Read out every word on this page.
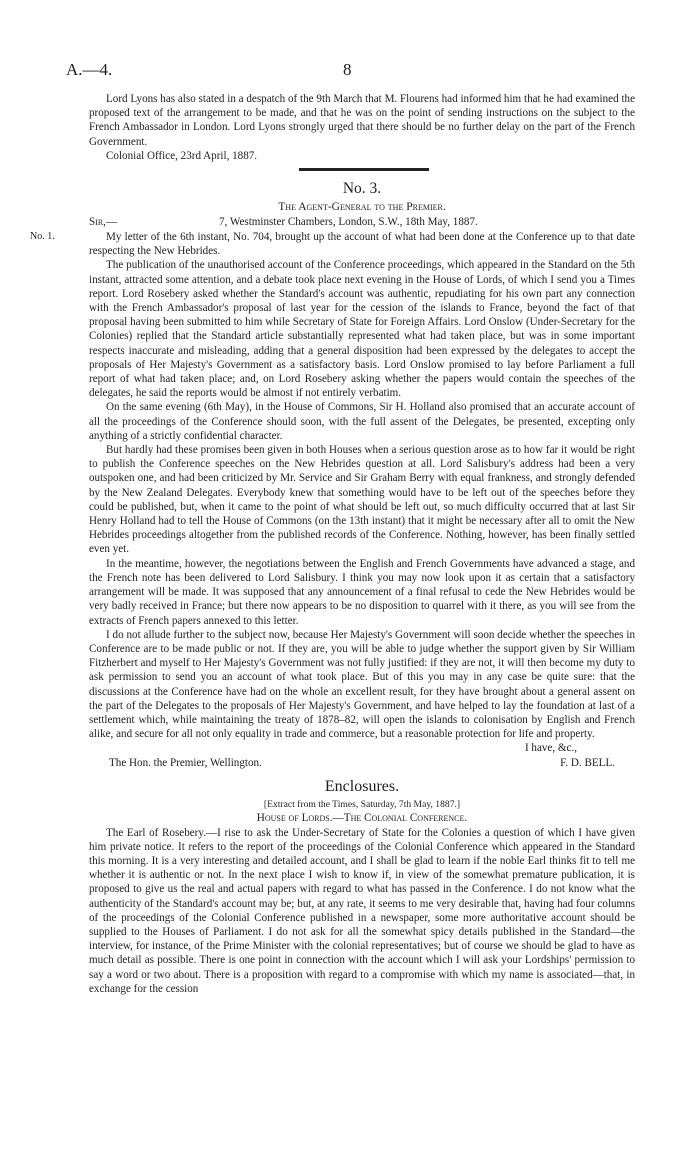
A.—4.	8

Lord Lyons has also stated in a despatch of the 9th March that M. Flourens had informed him that he had examined the proposed text of the arrangement to be made, and that he was on the point of sending instructions on the subject to the French Ambassador in London. Lord Lyons strongly urged that there should be no further delay on the part of the French Government.

Colonial Office, 23rd April, 1887.

No. 3.
The Agent-General to the Premier.
Sir,—	7, Westminster Chambers, London, S.W., 18th May, 1887.
No. 1.	My letter of the 6th instant, No. 704, brought up the account of what had been done at the Conference up to that date respecting the New Hebrides.

The publication of the unauthorised account of the Conference proceedings, which appeared in the Standard on the 5th instant, attracted some attention, and a debate took place next evening in the House of Lords, of which I send you a Times report. Lord Rosebery asked whether the Standard's account was authentic, repudiating for his own part any connection with the French Ambassador's proposal of last year for the cession of the islands to France, beyond the fact of that proposal having been submitted to him while Secretary of State for Foreign Affairs. Lord Onslow (Under-Secretary for the Colonies) replied that the Standard article substantially represented what had taken place, but was in some important respects inaccurate and misleading, adding that a general disposition had been expressed by the delegates to accept the proposals of Her Majesty's Government as a satisfactory basis. Lord Onslow promised to lay before Parliament a full report of what had taken place; and, on Lord Rosebery asking whether the papers would contain the speeches of the delegates, he said the reports would be almost if not entirely verbatim.

On the same evening (6th May), in the House of Commons, Sir H. Holland also promised that an accurate account of all the proceedings of the Conference should soon, with the full assent of the Delegates, be presented, excepting only anything of a strictly confidential character.

But hardly had these promises been given in both Houses when a serious question arose as to how far it would be right to publish the Conference speeches on the New Hebrides question at all. Lord Salisbury's address had been a very outspoken one, and had been criticized by Mr. Service and Sir Graham Berry with equal frankness, and strongly defended by the New Zealand Delegates. Everybody knew that something would have to be left out of the speeches before they could be published, but, when it came to the point of what should be left out, so much difficulty occurred that at last Sir Henry Holland had to tell the House of Commons (on the 13th instant) that it might be necessary after all to omit the New Hebrides proceedings altogether from the published records of the Conference. Nothing, however, has been finally settled even yet.

In the meantime, however, the negotiations between the English and French Governments have advanced a stage, and the French note has been delivered to Lord Salisbury. I think you may now look upon it as certain that a satisfactory arrangement will be made. It was supposed that any announcement of a final refusal to cede the New Hebrides would be very badly received in France; but there now appears to be no disposition to quarrel with it there, as you will see from the extracts of French papers annexed to this letter.

I do not allude further to the subject now, because Her Majesty's Government will soon decide whether the speeches in Conference are to be made public or not. If they are, you will be able to judge whether the support given by Sir William Fitzherbert and myself to Her Majesty's Government was not fully justified: if they are not, it will then become my duty to ask permission to send you an account of what took place. But of this you may in any case be quite sure: that the discussions at the Conference have had on the whole an excellent result, for they have brought about a general assent on the part of the Delegates to the proposals of Her Majesty's Government, and have helped to lay the foundation at last of a settlement which, while maintaining the treaty of 1878–82, will open the islands to colonisation by English and French alike, and secure for all not only equality in trade and commerce, but a reasonable protection for life and property.

I have, &c.,

The Hon. the Premier, Wellington.	F. D. BELL.
Enclosures.
[Extract from the Times, Saturday, 7th May, 1887.]
House of Lords.—The Colonial Conference.

The Earl of Rosebery.—I rise to ask the Under-Secretary of State for the Colonies a question of which I have given him private notice. It refers to the report of the proceedings of the Colonial Conference which appeared in the Standard this morning. It is a very interesting and detailed account, and I shall be glad to learn if the noble Earl thinks fit to tell me whether it is authentic or not. In the next place I wish to know if, in view of the somewhat premature publication, it is proposed to give us the real and actual papers with regard to what has passed in the Conference. I do not know what the authenticity of the Standard's account may be; but, at any rate, it seems to me very desirable that, having had four columns of the proceedings of the Colonial Conference published in a newspaper, some more authoritative account should be supplied to the Houses of Parliament. I do not ask for all the somewhat spicy details published in the Standard—the interview, for instance, of the Prime Minister with the colonial representatives; but of course we should be glad to have as much detail as possible. There is one point in connection with the account which I will ask your Lordships' permission to say a word or two about. There is a proposition with regard to a compromise with which my name is associated—that, in exchange for the cession
